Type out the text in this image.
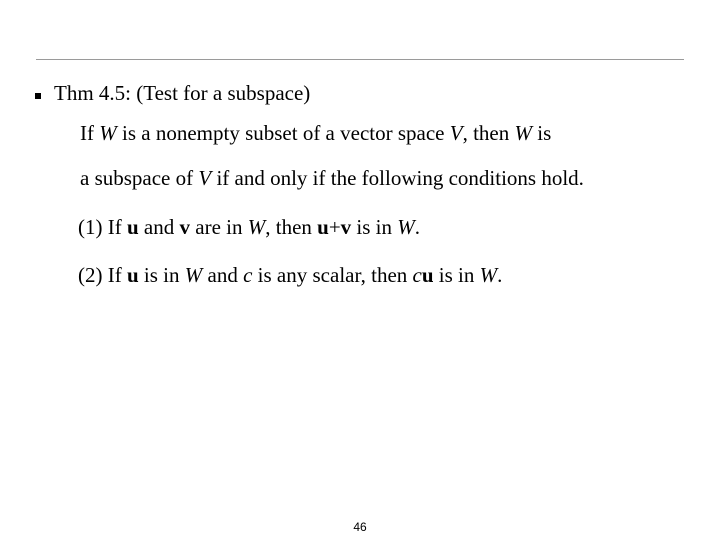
Thm 4.5: (Test for a subspace)
If W is a nonempty subset of a vector space V, then W is
a subspace of V if and only if the following conditions hold.
(1) If u and v are in W, then u+v is in W.
(2) If u is in W and c is any scalar, then cu is in W.
46
